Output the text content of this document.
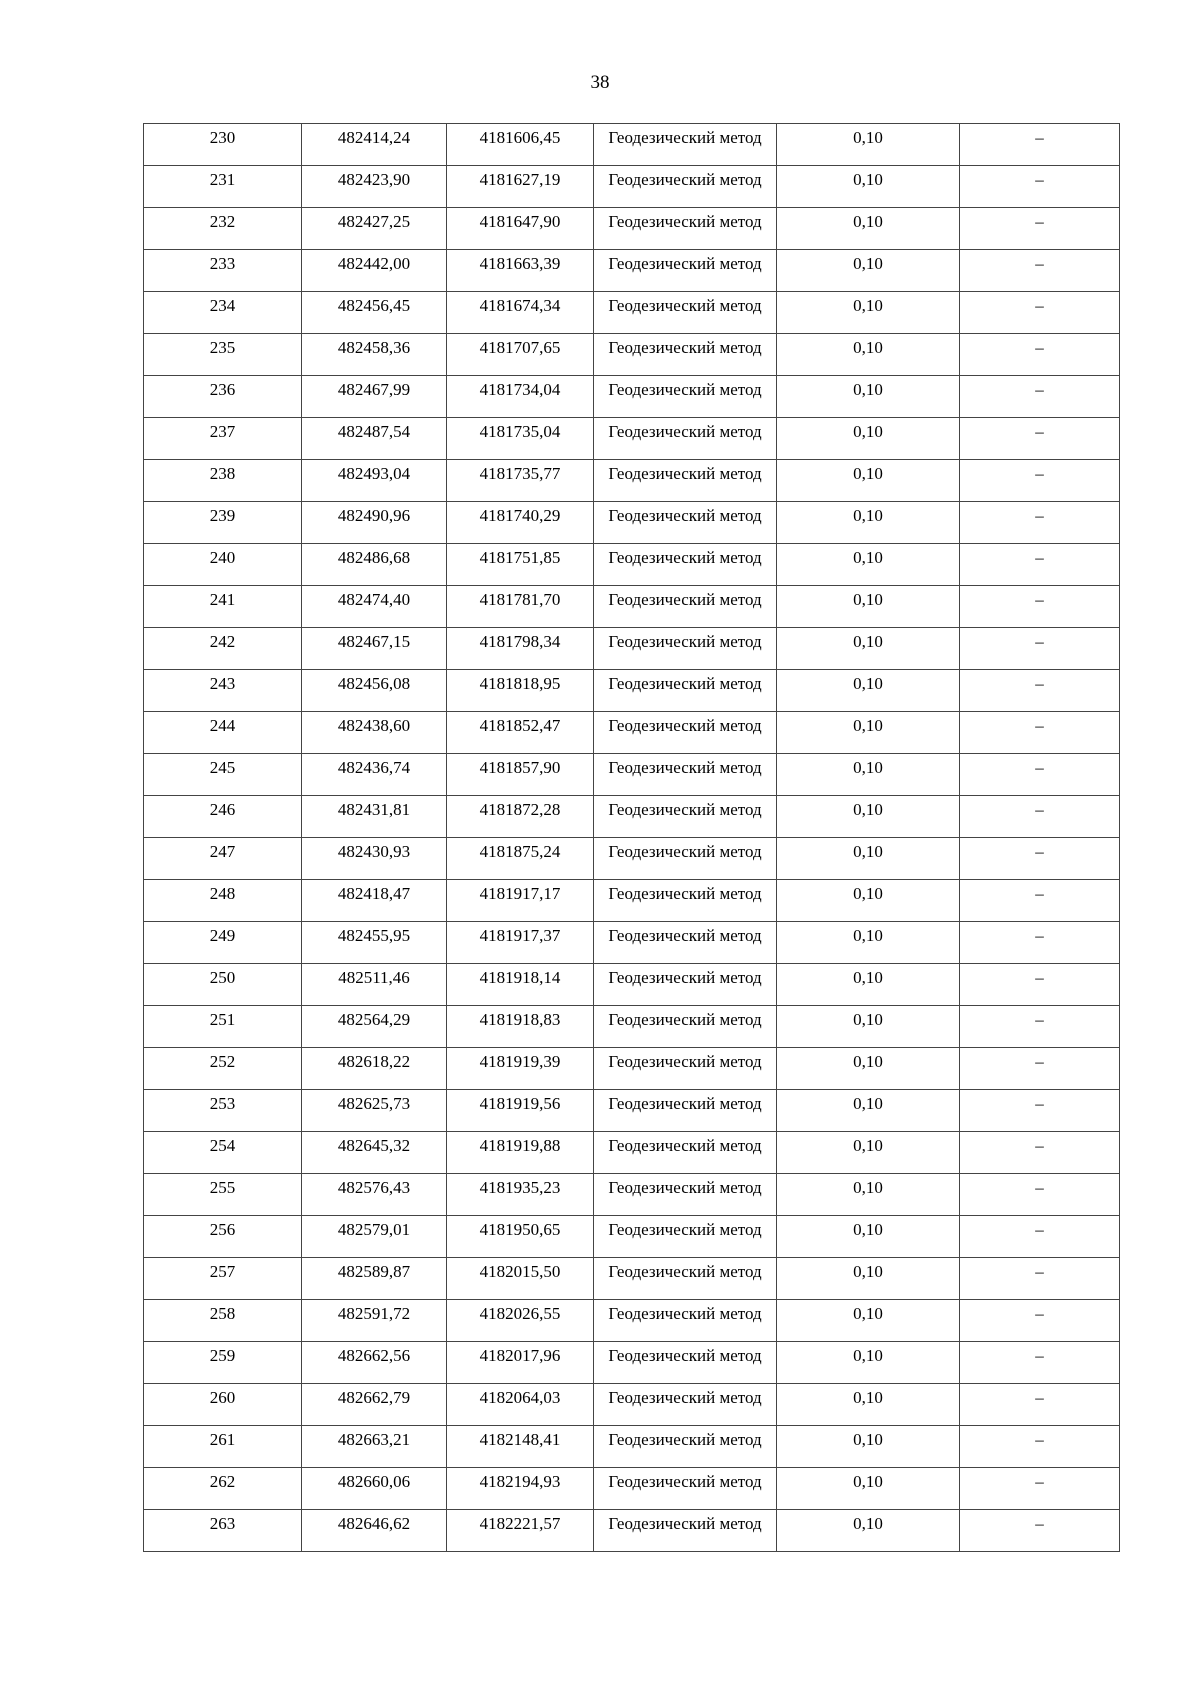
38
230	482414,24	4181606,45	Геодезический метод	0,10	–

231	482423,90	4181627,19	Геодезический метод	0,10	–

232	482427,25	4181647,90	Геодезический метод	0,10	–

233	482442,00	4181663,39	Геодезический метод	0,10	–

234	482456,45	4181674,34	Геодезический метод	0,10	–

235	482458,36	4181707,65	Геодезический метод	0,10	–

236	482467,99	4181734,04	Геодезический метод	0,10	–

237	482487,54	4181735,04	Геодезический метод	0,10	–

238	482493,04	4181735,77	Геодезический метод	0,10	–

239	482490,96	4181740,29	Геодезический метод	0,10	–

240	482486,68	4181751,85	Геодезический метод	0,10	–

241	482474,40	4181781,70	Геодезический метод	0,10	–

242	482467,15	4181798,34	Геодезический метод	0,10	–

243	482456,08	4181818,95	Геодезический метод	0,10	–

244	482438,60	4181852,47	Геодезический метод	0,10	–

245	482436,74	4181857,90	Геодезический метод	0,10	–

246	482431,81	4181872,28	Геодезический метод	0,10	–

247	482430,93	4181875,24	Геодезический метод	0,10	–

248	482418,47	4181917,17	Геодезический метод	0,10	–

249	482455,95	4181917,37	Геодезический метод	0,10	–

250	482511,46	4181918,14	Геодезический метод	0,10	–

251	482564,29	4181918,83	Геодезический метод	0,10	–

252	482618,22	4181919,39	Геодезический метод	0,10	–

253	482625,73	4181919,56	Геодезический метод	0,10	–

254	482645,32	4181919,88	Геодезический метод	0,10	–

255	482576,43	4181935,23	Геодезический метод	0,10	–

256	482579,01	4181950,65	Геодезический метод	0,10	–

257	482589,87	4182015,50	Геодезический метод	0,10	–

258	482591,72	4182026,55	Геодезический метод	0,10	–

259	482662,56	4182017,96	Геодезический метод	0,10	–

260	482662,79	4182064,03	Геодезический метод	0,10	–

261	482663,21	4182148,41	Геодезический метод	0,10	–

262	482660,06	4182194,93	Геодезический метод	0,10	–

263	482646,62	4182221,57	Геодезический метод	0,10	–
